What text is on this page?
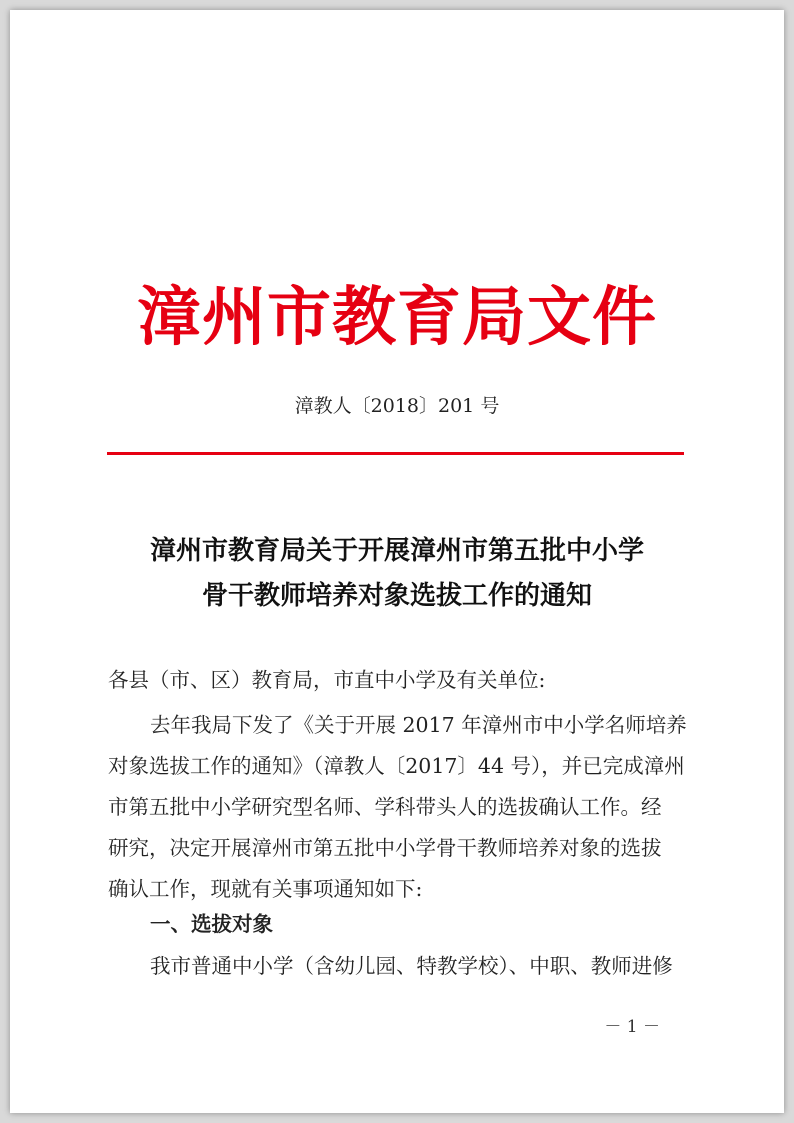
漳州市教育局文件
漳教人〔2018〕201 号
漳州市教育局关于开展漳州市第五批中小学
骨干教师培养对象选拔工作的通知
各县（市、区）教育局，市直中小学及有关单位:
去年我局下发了《关于开展 2017 年漳州市中小学名师培养
对象选拔工作的通知》（漳教人〔2017〕44 号），并已完成漳州
市第五批中小学研究型名师、学科带头人的选拔确认工作。经
研究，决定开展漳州市第五批中小学骨干教师培养对象的选拔
确认工作，现就有关事项通知如下:
一、选拔对象
我市普通中小学（含幼儿园、特教学校）、中职、教师进修
－ 1 －
